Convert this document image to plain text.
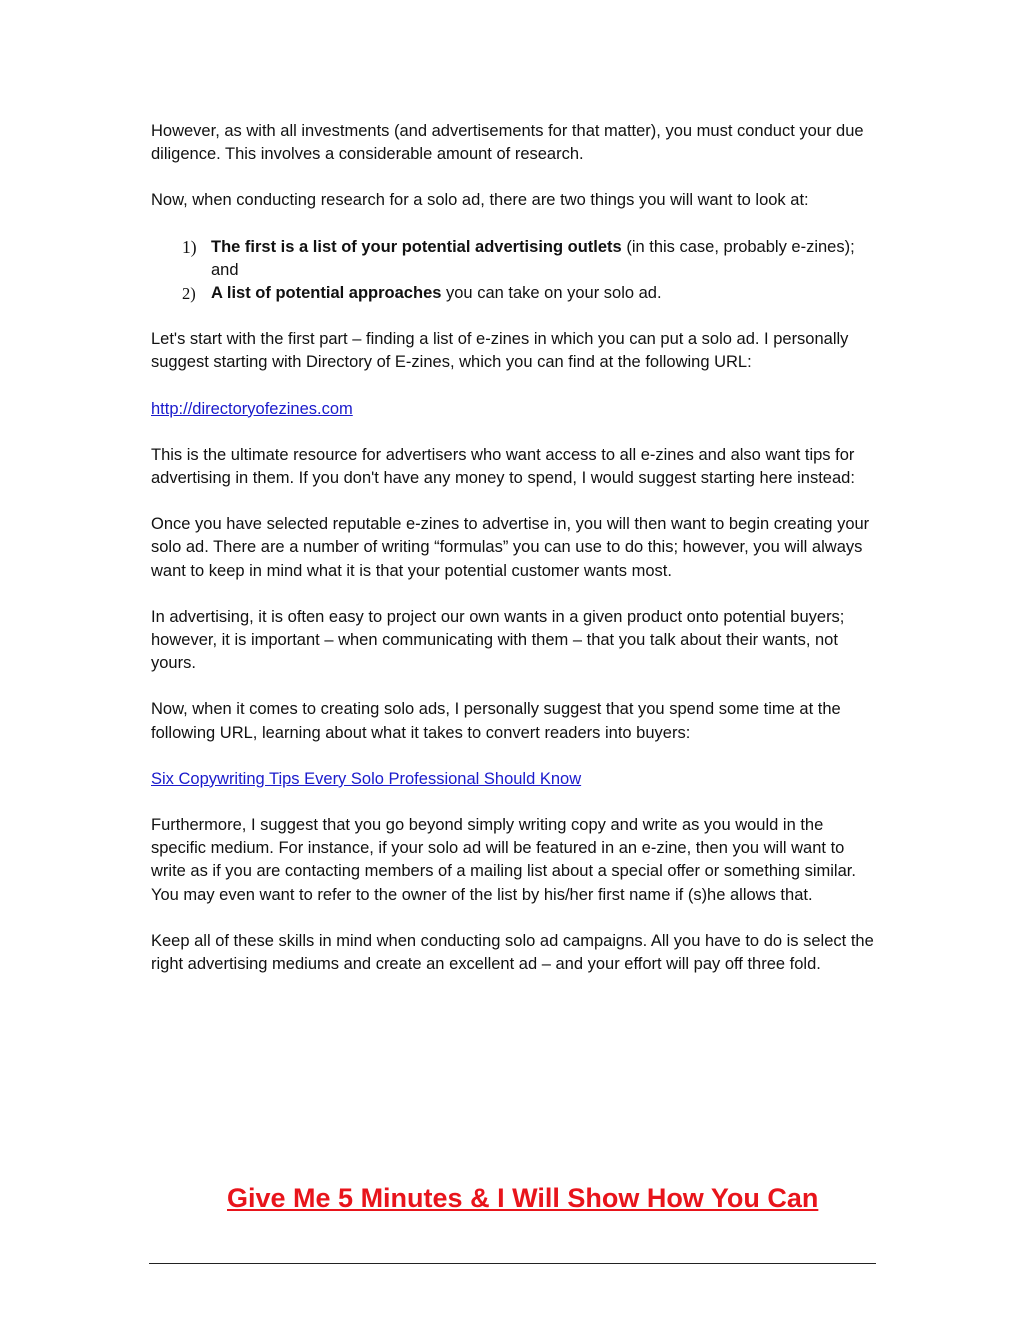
However, as with all investments (and advertisements for that matter), you must conduct your due diligence. This involves a considerable amount of research.

Now, when conducting research for a solo ad, there are two things you will want to look at:

1) The first is a list of your potential advertising outlets (in this case, probably e-zines); and
2) A list of potential approaches you can take on your solo ad.

Let's start with the first part – finding a list of e-zines in which you can put a solo ad. I personally suggest starting with Directory of E-zines, which you can find at the following URL:

http://directoryofezines.com

This is the ultimate resource for advertisers who want access to all e-zines and also want tips for advertising in them. If you don't have any money to spend, I would suggest starting here instead:

Once you have selected reputable e-zines to advertise in, you will then want to begin creating your solo ad. There are a number of writing “formulas” you can use to do this; however, you will always want to keep in mind what it is that your potential customer wants most.

In advertising, it is often easy to project our own wants in a given product onto potential buyers; however, it is important – when communicating with them – that you talk about their wants, not yours.

Now, when it comes to creating solo ads, I personally suggest that you spend some time at the following URL, learning about what it takes to convert readers into buyers:

Six Copywriting Tips Every Solo Professional Should Know

Furthermore, I suggest that you go beyond simply writing copy and write as you would in the specific medium. For instance, if your solo ad will be featured in an e-zine, then you will want to write as if you are contacting members of a mailing list about a special offer or something similar. You may even want to refer to the owner of the list by his/her first name if (s)he allows that.

Keep all of these skills in mind when conducting solo ad campaigns. All you have to do is select the right advertising mediums and create an excellent ad – and your effort will pay off three fold.

Give Me 5 Minutes & I Will Show How You Can
